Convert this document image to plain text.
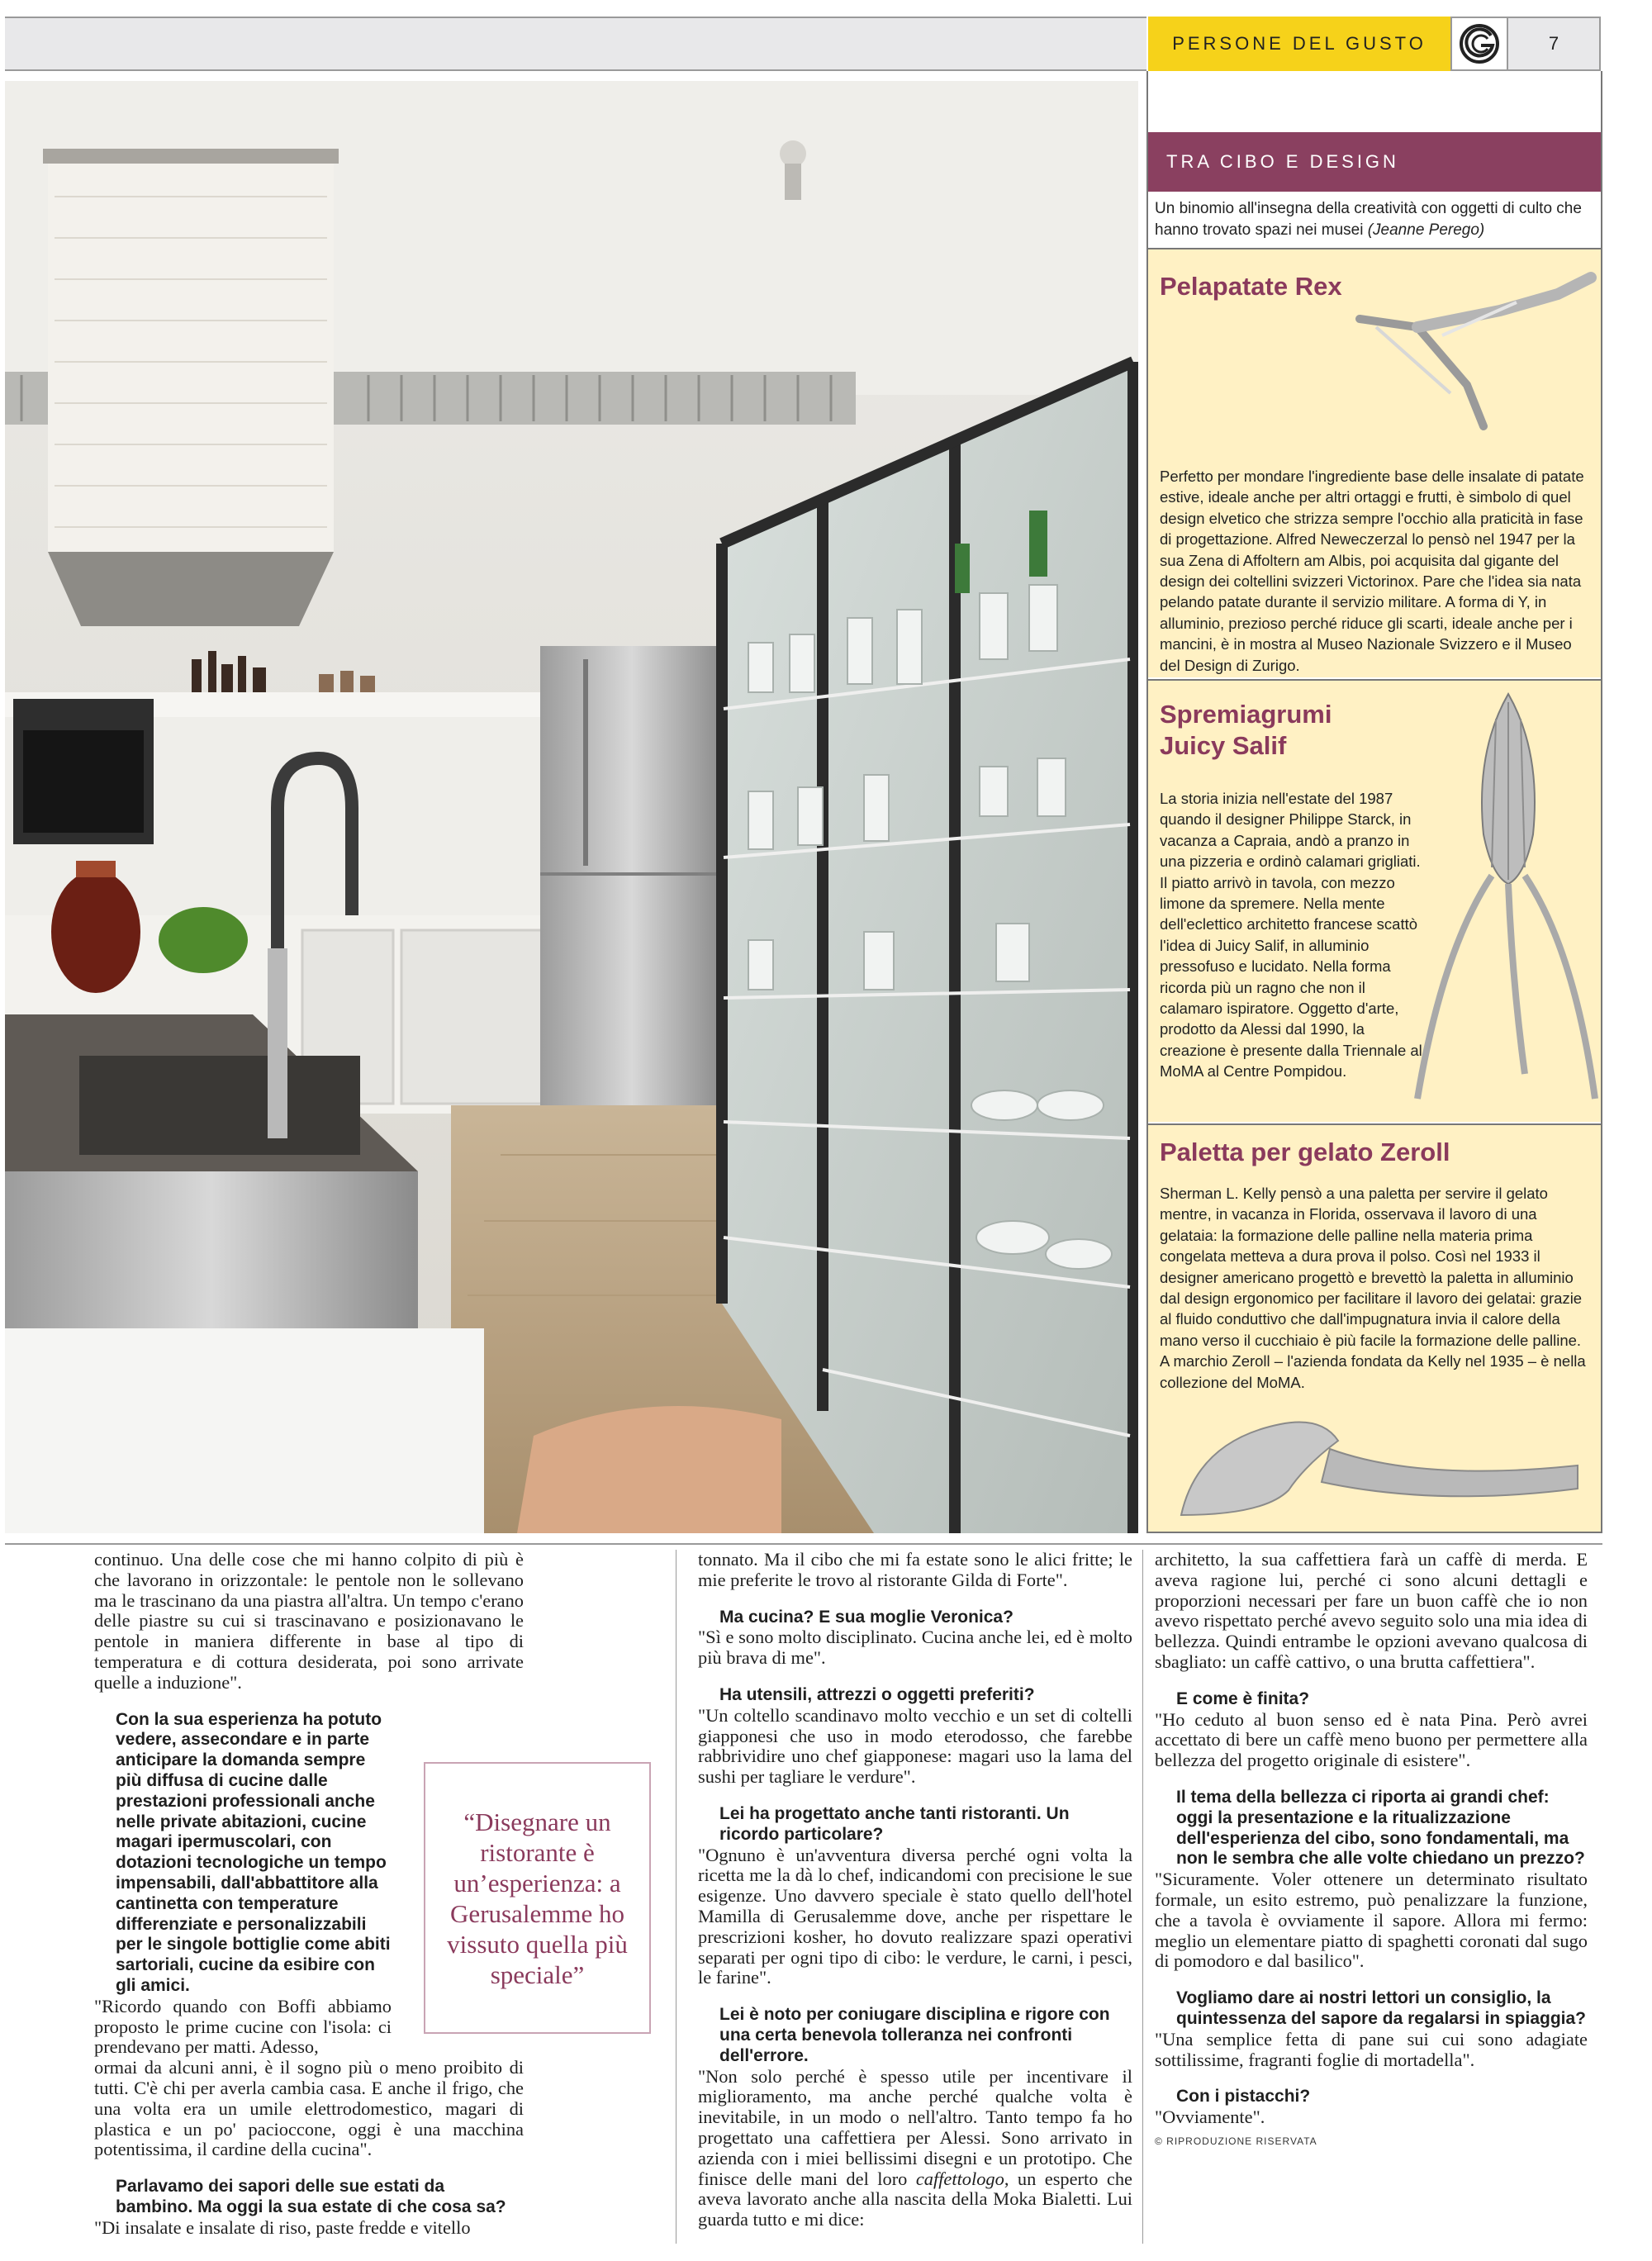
PERSONE DEL GUSTO	7
TRA CIBO E DESIGN
Un binomio all'insegna della creatività con oggetti di culto che hanno trovato spazi nei musei (Jeanne Perego)
Pelapatate Rex
Perfetto per mondare l'ingrediente base delle insalate di patate estive, ideale anche per altri ortaggi e frutti, è simbolo di quel design elvetico che strizza sempre l'occhio alla praticità in fase di progettazione. Alfred Neweczerzal lo pensò nel 1947 per la sua Zena di Affoltern am Albis, poi acquisita dal gigante del design dei coltellini svizzeri Victorinox. Pare che l'idea sia nata pelando patate durante il servizio militare. A forma di Y, in alluminio, prezioso perché riduce gli scarti, ideale anche per i mancini, è in mostra al Museo Nazionale Svizzero e il Museo del Design di Zurigo.
Spremiagrumi Juicy Salif
La storia inizia nell'estate del 1987 quando il designer Philippe Starck, in vacanza a Capraia, andò a pranzo in una pizzeria e ordinò calamari grigliati. Il piatto arrivò in tavola, con mezzo limone da spremere. Nella mente dell'eclettico architetto francese scattò l'idea di Juicy Salif, in alluminio pressofuso e lucidato. Nella forma ricorda più un ragno che non il calamaro ispiratore. Oggetto d'arte, prodotto da Alessi dal 1990, la creazione è presente dalla Triennale al MoMA al Centre Pompidou.
Paletta per gelato Zeroll
Sherman L. Kelly pensò a una paletta per servire il gelato mentre, in vacanza in Florida, osservava il lavoro di una gelataia: la formazione delle palline nella materia prima congelata metteva a dura prova il polso. Così nel 1933 il designer americano progettò e brevettò la paletta in alluminio dal design ergonomico per facilitare il lavoro dei gelatai: grazie al fluido conduttivo che dall'impugnatura invia il calore della mano verso il cucchiaio è più facile la formazione delle palline. A marchio Zeroll – l'azienda fondata da Kelly nel 1935 – è nella collezione del MoMA.

continuo. Una delle cose che mi hanno colpito di più è che lavorano in orizzontale: le pentole non le sollevano ma le trascinano da una piastra all'altra. Un tempo c'erano delle piastre su cui si trascinavano e posizionavano le pentole in maniera differente in base al tipo di temperatura e di cottura desiderata, poi sono arrivate quelle a induzione".

Con la sua esperienza ha potuto vedere, assecondare e in parte anticipare la domanda sempre più diffusa di cucine dalle prestazioni professionali anche nelle private abitazioni, cucine magari ipermuscolari, con dotazioni tecnologiche un tempo impensabili, dall'abbattitore alla cantinetta con temperature differenziate e personalizzabili per le singole bottiglie come abiti sartoriali, cucine da esibire con gli amici.

"Ricordo quando con Boffi abbiamo proposto le prime cucine con l'isola: ci prendevano per matti. Adesso,

ormai da alcuni anni, è il sogno più o meno proibito di tutti. C'è chi per averla cambia casa. E anche il frigo, che una volta era un umile elettrodomestico, magari di plastica e un po' pacioccone, oggi è una macchina potentissima, il cardine della cucina".

Parlavamo dei sapori delle sue estati da bambino. Ma oggi la sua estate di che cosa sa?

"Di insalate e insalate di riso, paste fredde e vitello

“Disegnare un ristorante è un’esperienza: a Gerusalemme ho vissuto quella più speciale”

tonnato. Ma il cibo che mi fa estate sono le alici fritte; le mie preferite le trovo al ristorante Gilda di Forte".

Ma cucina? E sua moglie Veronica?

"Sì e sono molto disciplinato. Cucina anche lei, ed è molto più brava di me".

Ha utensili, attrezzi o oggetti preferiti?

"Un coltello scandinavo molto vecchio e un set di coltelli giapponesi che uso in modo eterodosso, che farebbe rabbrividire uno chef giapponese: magari uso la lama del sushi per tagliare le verdure".

Lei ha progettato anche tanti ristoranti. Un ricordo particolare?

"Ognuno è un'avventura diversa perché ogni volta la ricetta me la dà lo chef, indicandomi con precisione le sue esigenze. Uno davvero speciale è stato quello dell'hotel Mamilla di Gerusalemme dove, anche per rispettare le prescrizioni kosher, ho dovuto realizzare spazi operativi separati per ogni tipo di cibo: le verdure, le carni, i pesci, le farine".

Lei è noto per coniugare disciplina e rigore con una certa benevola tolleranza nei confronti dell'errore.

"Non solo perché è spesso utile per incentivare il miglioramento, ma anche perché qualche volta è inevitabile, in un modo o nell'altro. Tanto tempo fa ho progettato una caffettiera per Alessi. Sono arrivato in azienda con i miei bellissimi disegni e un prototipo. Che finisce delle mani del loro caffettologo, un esperto che aveva lavorato anche alla nascita della Moka Bialetti. Lui guarda tutto e mi dice:

architetto, la sua caffettiera farà un caffè di merda. E aveva ragione lui, perché ci sono alcuni dettagli e proporzioni necessari per fare un buon caffè che io non avevo rispettato perché avevo seguito solo una mia idea di bellezza. Quindi entrambe le opzioni avevano qualcosa di sbagliato: un caffè cattivo, o una brutta caffettiera".

E come è finita?

"Ho ceduto al buon senso ed è nata Pina. Però avrei accettato di bere un caffè meno buono per permettere alla bellezza del progetto originale di esistere".

Il tema della bellezza ci riporta ai grandi chef: oggi la presentazione e la ritualizzazione dell'esperienza del cibo, sono fondamentali, ma non le sembra che alle volte chiedano un prezzo?

"Sicuramente. Voler ottenere un determinato risultato formale, un esito estremo, può penalizzare la funzione, che a tavola è ovviamente il sapore. Allora mi fermo: meglio un elementare piatto di spaghetti coronati dal sugo di pomodoro e dal basilico".

Vogliamo dare ai nostri lettori un consiglio, la quintessenza del sapore da regalarsi in spiaggia?

"Una semplice fetta di pane sui cui sono adagiate sottilissime, fragranti foglie di mortadella".

Con i pistacchi?

"Ovviamente".

© RIPRODUZIONE RISERVATA
